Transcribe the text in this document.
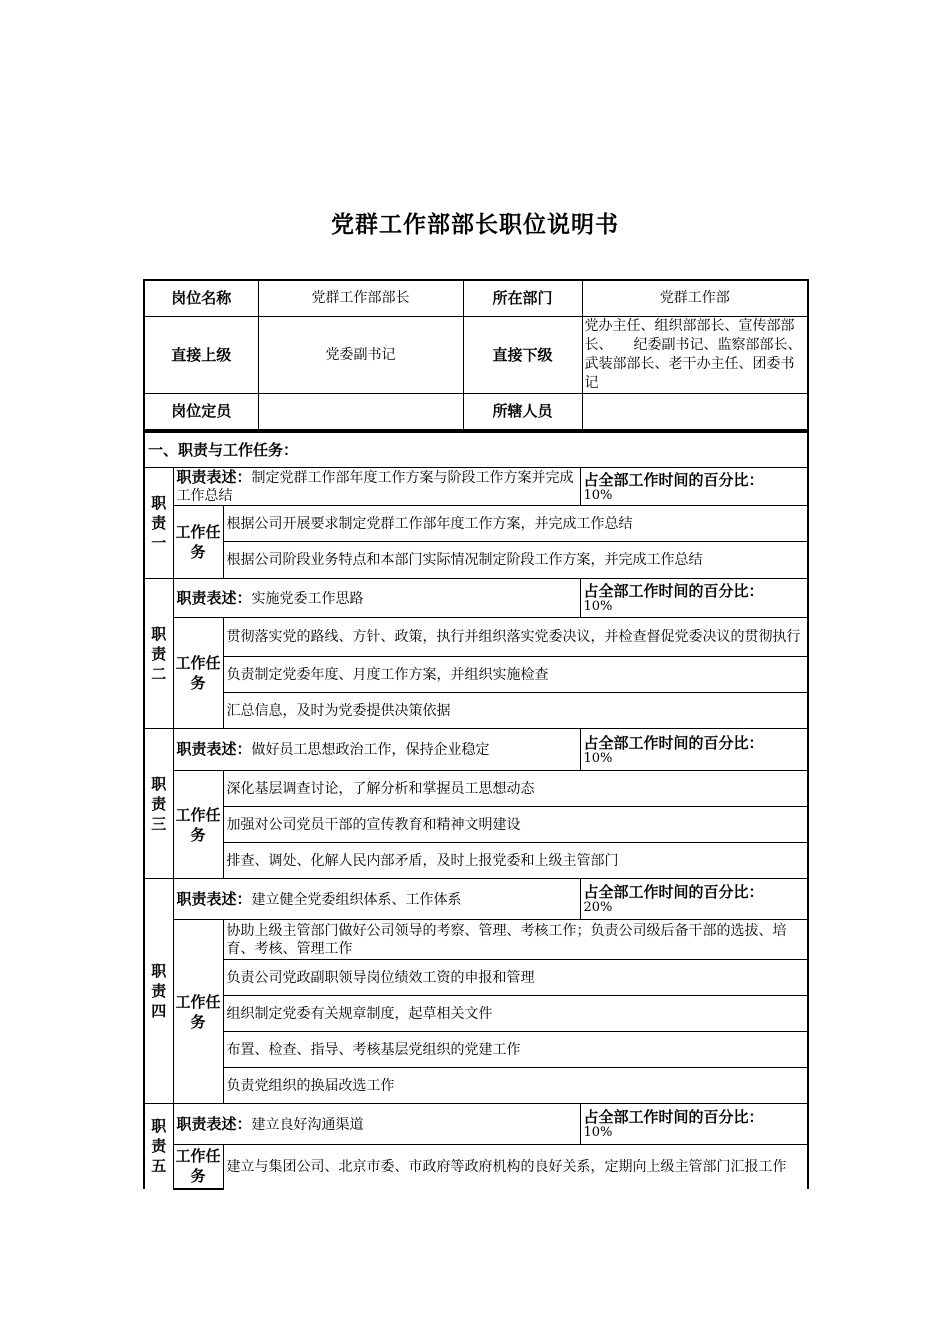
党群工作部部长职位说明书
岗位名称	党群工作部部长	所在部门	党群工作部
直接上级	党委副书记	直接下级	党办主任、组织部部长、宣传部部长、　　纪委副书记、监察部部长、武装部部长、老干办主任、团委书记
岗位定员		所辖人员	
一、职责与工作任务：			
职责一	职责表述：制定党群工作部年度工作方案与阶段工作方案并完成工作总结		占全部工作时间的百分比：
10%

	工作任务	根据公司开展要求制定党群工作部年度工作方案，并完成工作总结	
		根据公司阶段业务特点和本部门实际情况制定阶段工作方案，并完成工作总结	
职责二	职责表述：实施党委工作思路		占全部工作时间的百分比：
10%

	工作任务	贯彻落实党的路线、方针、政策，执行并组织落实党委决议，并检查督促党委决议的贯彻执行	
		负责制定党委年度、月度工作方案，并组织实施检查	
		汇总信息，及时为党委提供决策依据	
职责三	职责表述：做好员工思想政治工作，保持企业稳定		占全部工作时间的百分比：
10%

	工作任务	深化基层调查讨论，了解分析和掌握员工思想动态	
		加强对公司党员干部的宣传教育和精神文明建设	
		排查、调处、化解人民内部矛盾，及时上报党委和上级主管部门	
职责四	职责表述：建立健全党委组织体系、工作体系		占全部工作时间的百分比：
20%

	工作任务	协助上级主管部门做好公司领导的考察、管理、考核工作；负责公司级后备干部的选拔、培育、考核、管理工作	
		负责公司党政副职领导岗位绩效工资的申报和管理	
		组织制定党委有关规章制度，起草相关文件	
		布置、检查、指导、考核基层党组织的党建工作	
		负责党组织的换届改选工作	
职责五	职责表述：建立良好沟通渠道		占全部工作时间的百分比：
10%

	工作任务	建立与集团公司、北京市委、市政府等政府机构的良好关系，定期向上级主管部门汇报工作	
